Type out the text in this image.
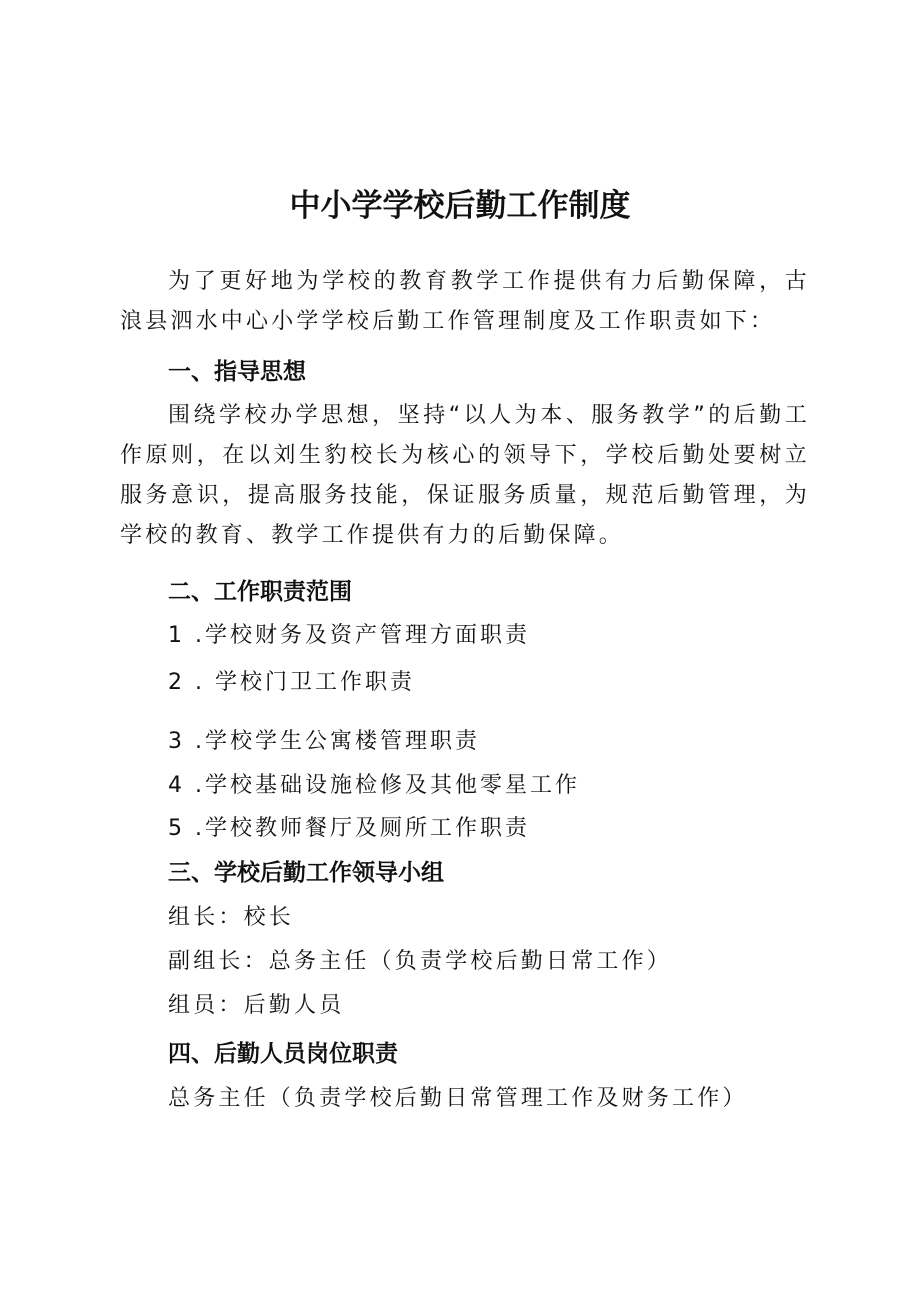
中小学学校后勤工作制度
为了更好地为学校的教育教学工作提供有力后勤保障，古浪县泗水中心小学学校后勤工作管理制度及工作职责如下：
一、指导思想
围绕学校办学思想，坚持“以人为本、服务教学”的后勤工作原则，在以刘生豹校长为核心的领导下，学校后勤处要树立服务意识，提高服务技能，保证服务质量，规范后勤管理，为学校的教育、教学工作提供有力的后勤保障。
二、工作职责范围
1 .学校财务及资产管理方面职责
2 . 学校门卫工作职责
3 .学校学生公寓楼管理职责
4 .学校基础设施检修及其他零星工作
5 .学校教师餐厅及厕所工作职责
三、学校后勤工作领导小组
组长：校长
副组长：总务主任（负责学校后勤日常工作）
组员：后勤人员
四、后勤人员岗位职责
总务主任（负责学校后勤日常管理工作及财务工作）
